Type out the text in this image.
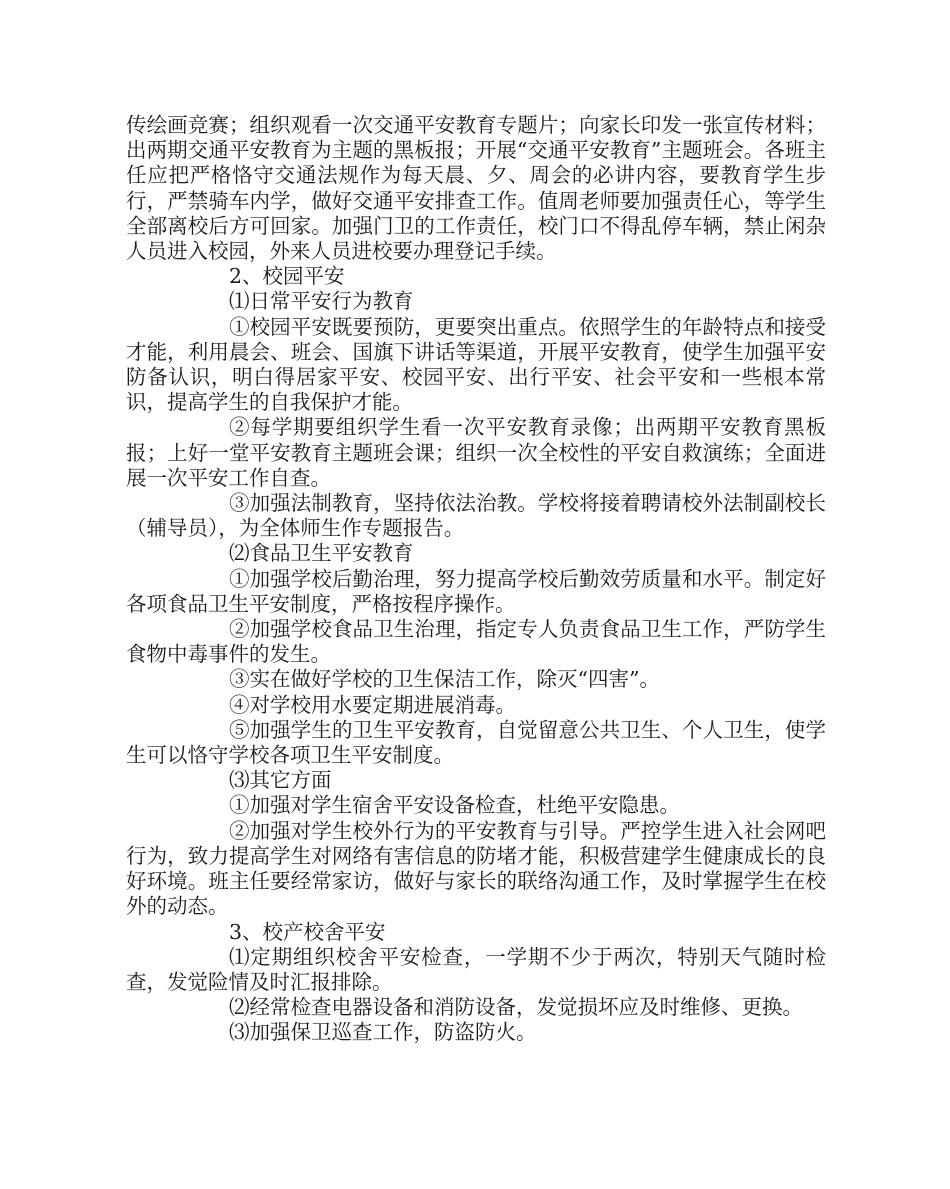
传绘画竞赛；组织观看一次交通平安教育专题片；向家长印发一张宣传材料；出两期交通平安教育为主题的黑板报；开展“交通平安教育”主题班会。各班主任应把严格恪守交通法规作为每天晨、夕、周会的必讲内容，要教育学生步行，严禁骑车内学，做好交通平安排查工作。值周老师要加强责任心，等学生全部离校后方可回家。加强门卫的工作责任，校门口不得乱停车辆，禁止闲杂人员进入校园，外来人员进校要办理登记手续。

2、校园平安

⑴日常平安行为教育

①校园平安既要预防，更要突出重点。依照学生的年龄特点和接受才能，利用晨会、班会、国旗下讲话等渠道，开展平安教育，使学生加强平安防备认识，明白得居家平安、校园平安、出行平安、社会平安和一些根本常识，提高学生的自我保护才能。

②每学期要组织学生看一次平安教育录像；出两期平安教育黑板报；上好一堂平安教育主题班会课；组织一次全校性的平安自救演练；全面进展一次平安工作自查。

③加强法制教育，坚持依法治教。学校将接着聘请校外法制副校长（辅导员），为全体师生作专题报告。

⑵食品卫生平安教育

①加强学校后勤治理，努力提高学校后勤效劳质量和水平。制定好各项食品卫生平安制度，严格按程序操作。

②加强学校食品卫生治理，指定专人负责食品卫生工作，严防学生食物中毒事件的发生。

③实在做好学校的卫生保洁工作，除灭“四害”。

④对学校用水要定期进展消毒。

⑤加强学生的卫生平安教育，自觉留意公共卫生、个人卫生，使学生可以恪守学校各项卫生平安制度。

⑶其它方面

①加强对学生宿舍平安设备检查，杜绝平安隐患。

②加强对学生校外行为的平安教育与引导。严控学生进入社会网吧行为，致力提高学生对网络有害信息的防堵才能，积极营建学生健康成长的良好环境。班主任要经常家访，做好与家长的联络沟通工作，及时掌握学生在校外的动态。

3、校产校舍平安

⑴定期组织校舍平安检查，一学期不少于两次，特别天气随时检查，发觉险情及时汇报排除。

⑵经常检查电器设备和消防设备，发觉损坏应及时维修、更换。

⑶加强保卫巡查工作，防盗防火。
